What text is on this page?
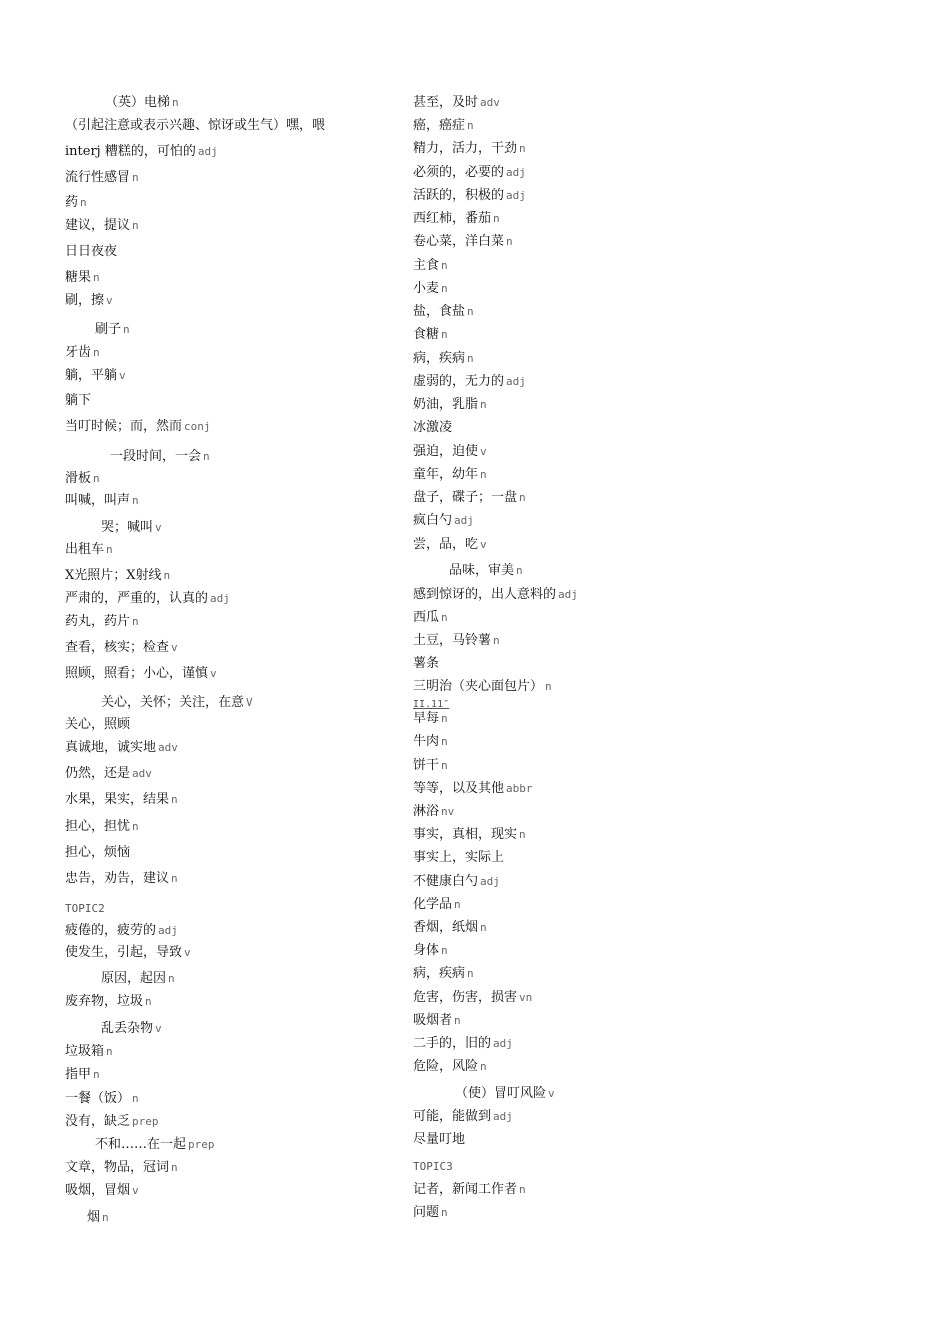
（英）电梯 n
（引起注意或表示兴趣、惊讶或生气）嘿，喂
interj 糟糕的，可怕的 adj
流行性感冒 n
药 n
建议，提议 n
日日夜夜
糖果 n
刷，擦 v
刷子 n
牙齿 n
躺，平躺 v
躺下
当叮时候；而，然而 conj
一段时间，一会 n
滑板 n
叫喊，叫声 n
哭；喊叫 v
出租车 n
X光照片；X射线 n
严肃的，严重的，认真的 adj
药丸，药片 n
查看，核实；检查 v
照顾，照看；小心，谨慎 v
关心，关怀；关注，在意 V
关心，照顾
真诚地，诚实地 adv
仍然，还是 adv
水果，果实，结果 n
担心，担忧 n
担心，烦恼
忠告，劝告，建议 n
TOPIC2
疲倦的，疲劳的 adj
使发生，引起，导致 v
原因，起因 n
废弃物，垃圾 n
乱丢杂物 v
垃圾箱 n
指甲 n
一餐（饭） n
没有，缺乏 prep
不和……在一起 prep
文章，物品，冠词 n
吸烟，冒烟 v
烟 n
甚至，及时 adv
癌，癌症 n
精力，活力，干劲 n
必须的，必要的 adj
活跃的，积极的 adj
西红柿，番茄 n
卷心菜，洋白菜 n
主食 n
小麦 n
盐，食盐 n
食糖 n
病，疾病 n
虚弱的，无力的 adj
奶油，乳脂 n
冰激凌
强迫，迫使 v
童年，幼年 n
盘子，碟子；一盘 n
疯白勺 adj
尝，品，吃 v
品味，审美 n
感到惊讶的，出人意料的 adj
西瓜 n
土豆，马铃薯 n
薯条
三明治（夹心面包片） n
II.11″
早每 n
牛肉 n
饼干 n
等等，以及其他 abbr
淋浴 nv
事实，真相，现实 n
事实上，实际上
不健康白勺 adj
化学品 n
香烟，纸烟 n
身体 n
病，疾病 n
危害，伤害，损害 vn
吸烟者 n
二手的，旧的 adj
危险，风险 n
（使）冒叮风险 v
可能，能做到 adj
尽量叮地
TOPIC3
记者，新闻工作者 n
问题 n
